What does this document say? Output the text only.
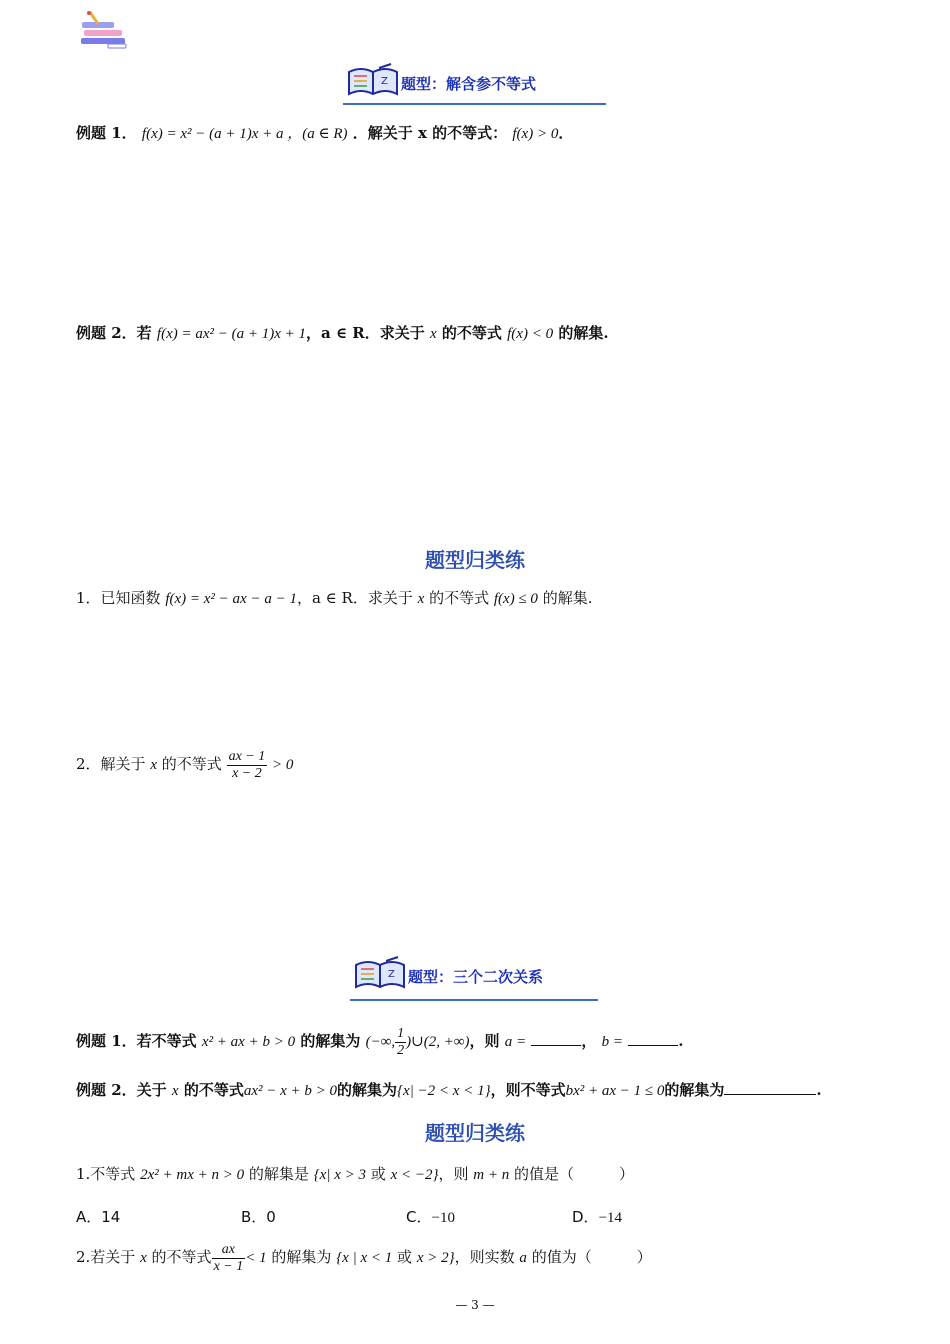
Z 题型：解含参不等式
例题 1． f(x) = x² − (a + 1)x + a ，(a ∈ R) ．解关于 x 的不等式： f(x) > 0．
例题 2．若 f(x) = ax² − (a + 1)x + 1，a ∈ R．求关于 x 的不等式 f(x) < 0 的解集.
题型归类练
1．已知函数 f(x) = x² − ax − a − 1，a ∈ R．求关于 x 的不等式 f(x) ≤ 0 的解集.
2．解关于 x 的不等式 $\frac{ax - 1}{x - 2} > 0$
Z 题型：三个二次关系
例题 1．若不等式 x² + ax + b > 0 的解集为 (−∞, $\frac{1}{2}$ )∪(2, +∞)，则 a =	， b =	.
例题 2．关于 x 的不等式ax² − x + b > 0的解集为{x| −2 < x < 1}，则不等式bx² + ax − 1 ≤ 0的解集为	.
题型归类练
1.不等式 2x² + mx + n > 0 的解集是 {x| x > 3 或 x < −2}，则 m + n 的值是（　　　）
A．14	B．0	C．−10	D．−14
2.若关于 x 的不等式 $\frac{ax}{x - 1} < 1$ 的解集为 {x | x < 1 或 x > 2}，则实数 a 的值为（　　　）
— 3 —
